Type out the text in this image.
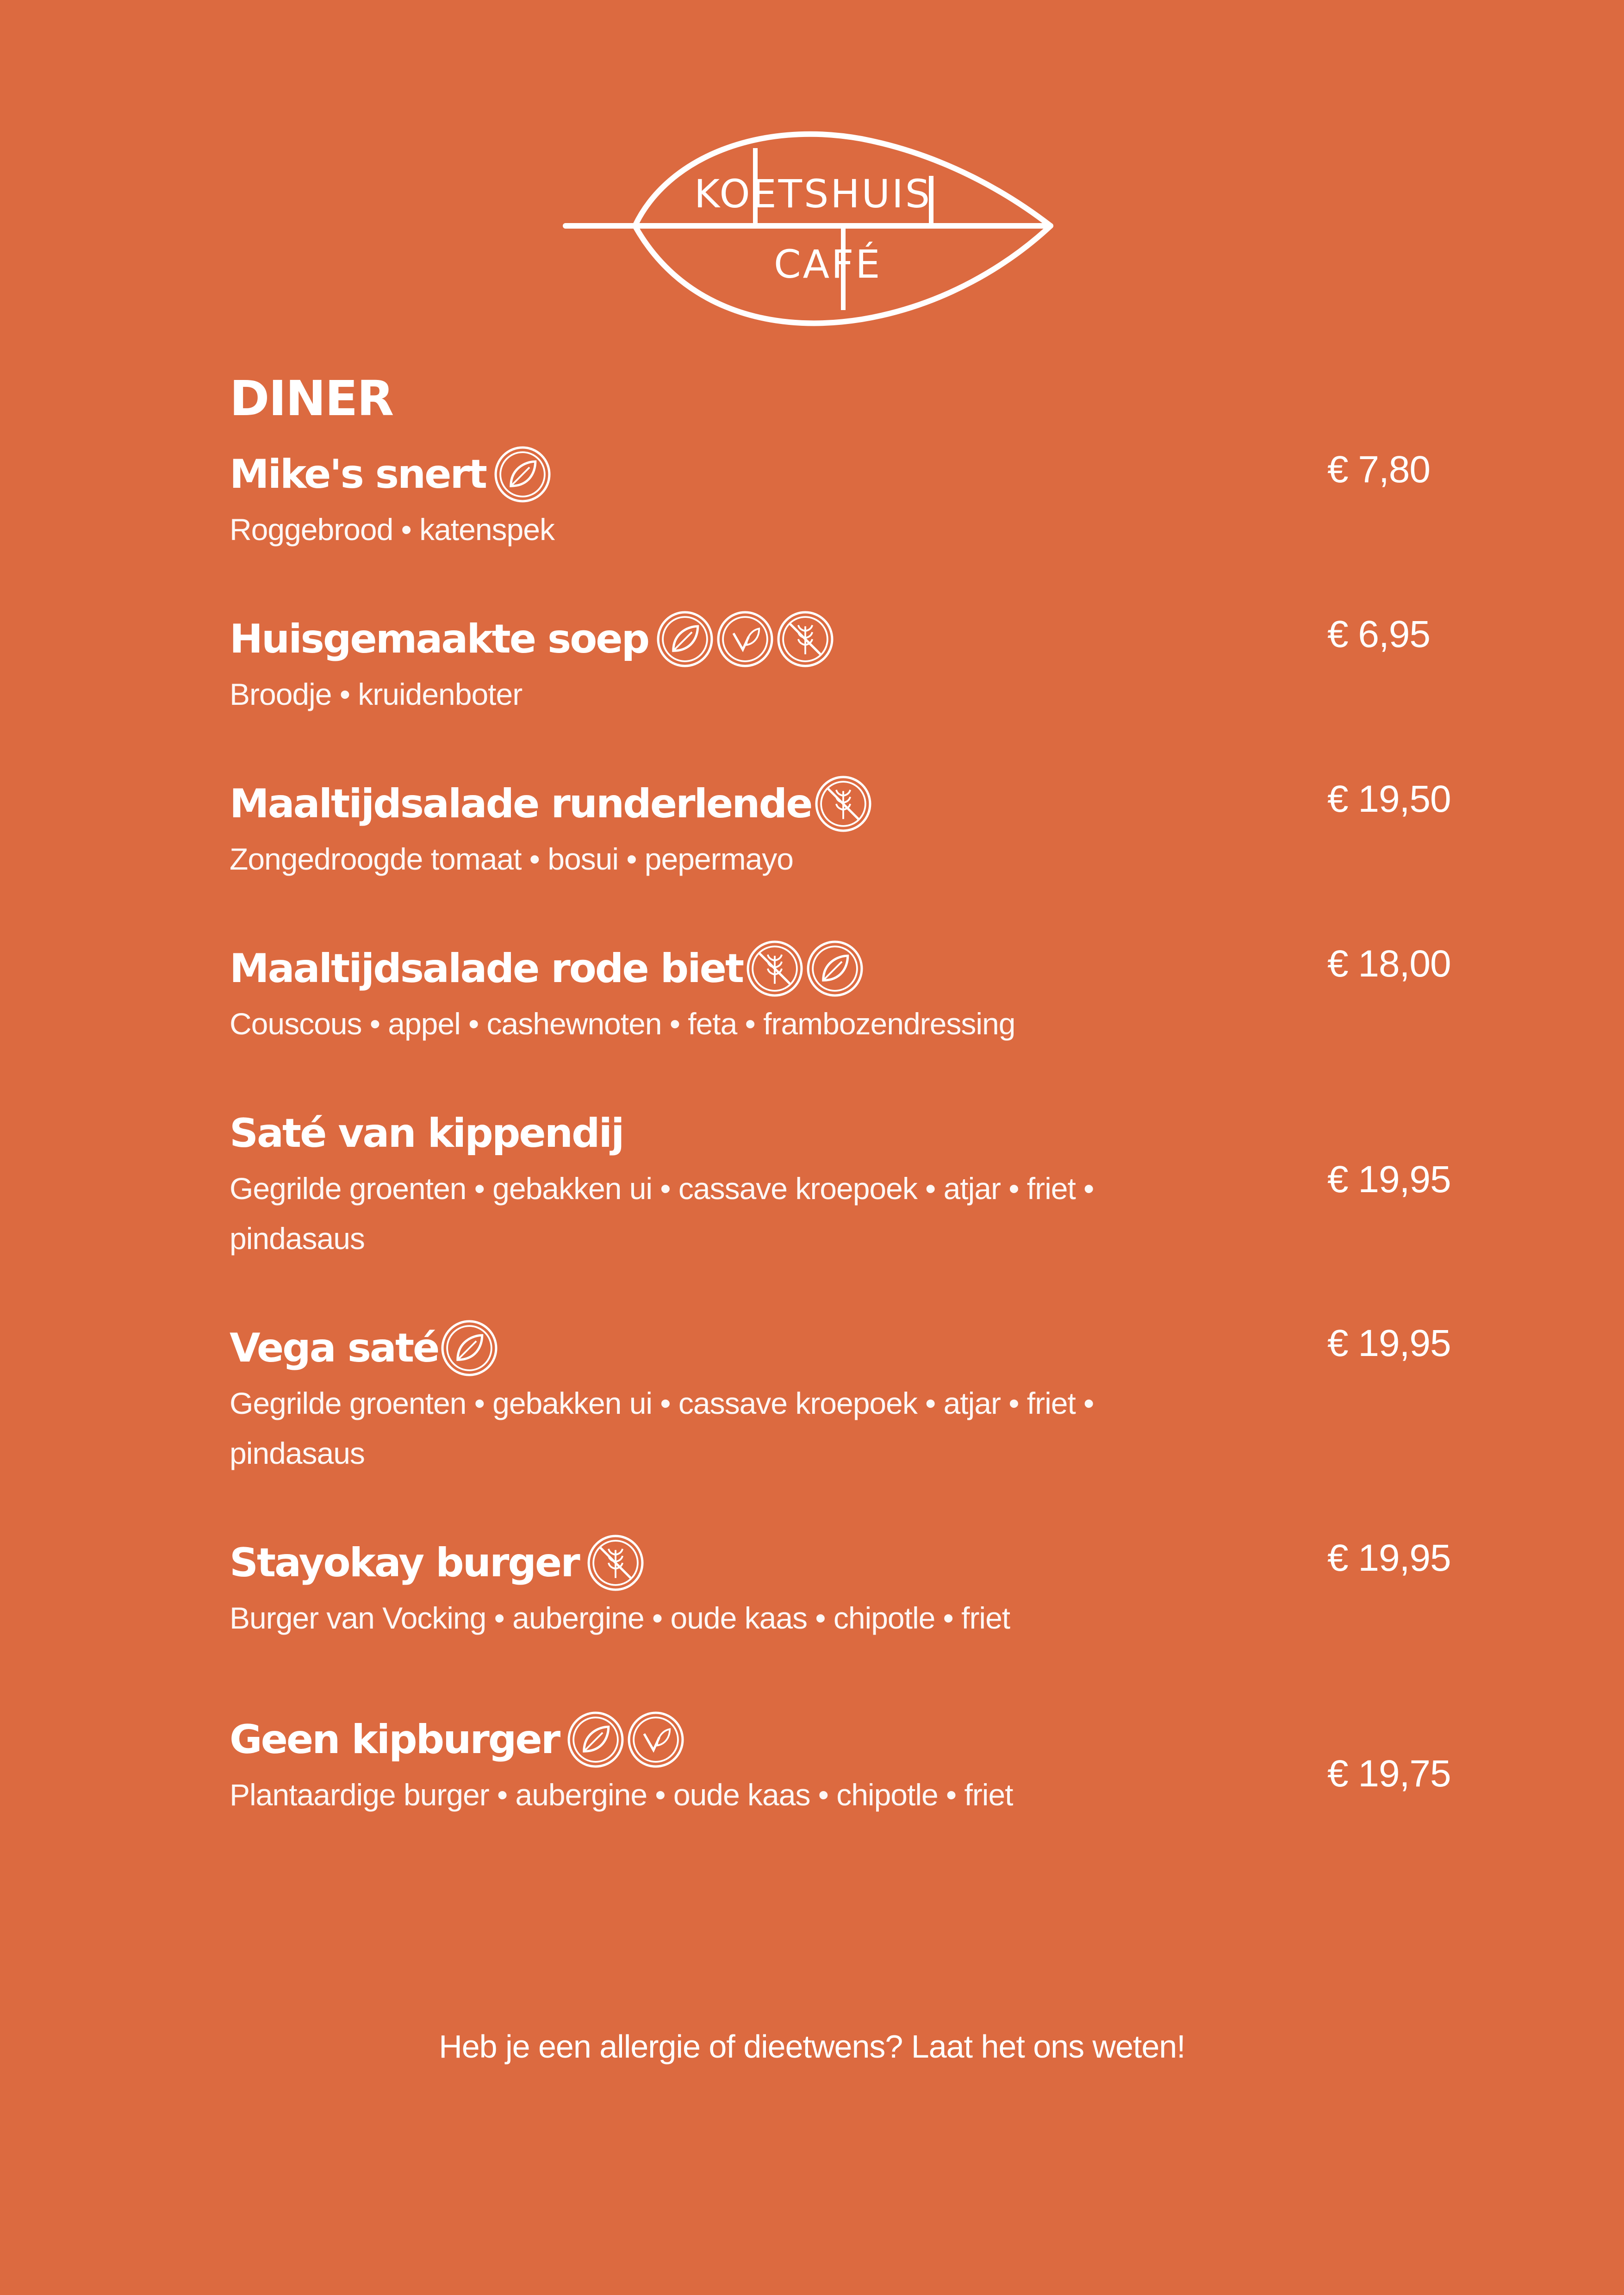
KOETSHUIS
CAFÉ
DINER
Mike's snert
Roggebrood • katenspek
€ 7,80
Huisgemaakte soep
Broodje • kruidenboter
€ 6,95
Maaltijdsalade runderlende
Zongedroogde tomaat • bosui • pepermayo
€ 19,50
Maaltijdsalade rode biet
Couscous • appel • cashewnoten • feta • frambozendressing
€ 18,00
Saté van kippendij
Gegrilde groenten • gebakken ui • cassave kroepoek • atjar • friet • pindasaus
€ 19,95
Vega saté
Gegrilde groenten • gebakken ui • cassave kroepoek • atjar • friet • pindasaus
€ 19,95
Stayokay burger
Burger van Vocking • aubergine • oude kaas • chipotle • friet
€ 19,95
Geen kipburger
Plantaardige burger • aubergine • oude kaas • chipotle • friet	€ 19,75
Heb je een allergie of dieetwens? Laat het ons weten!
